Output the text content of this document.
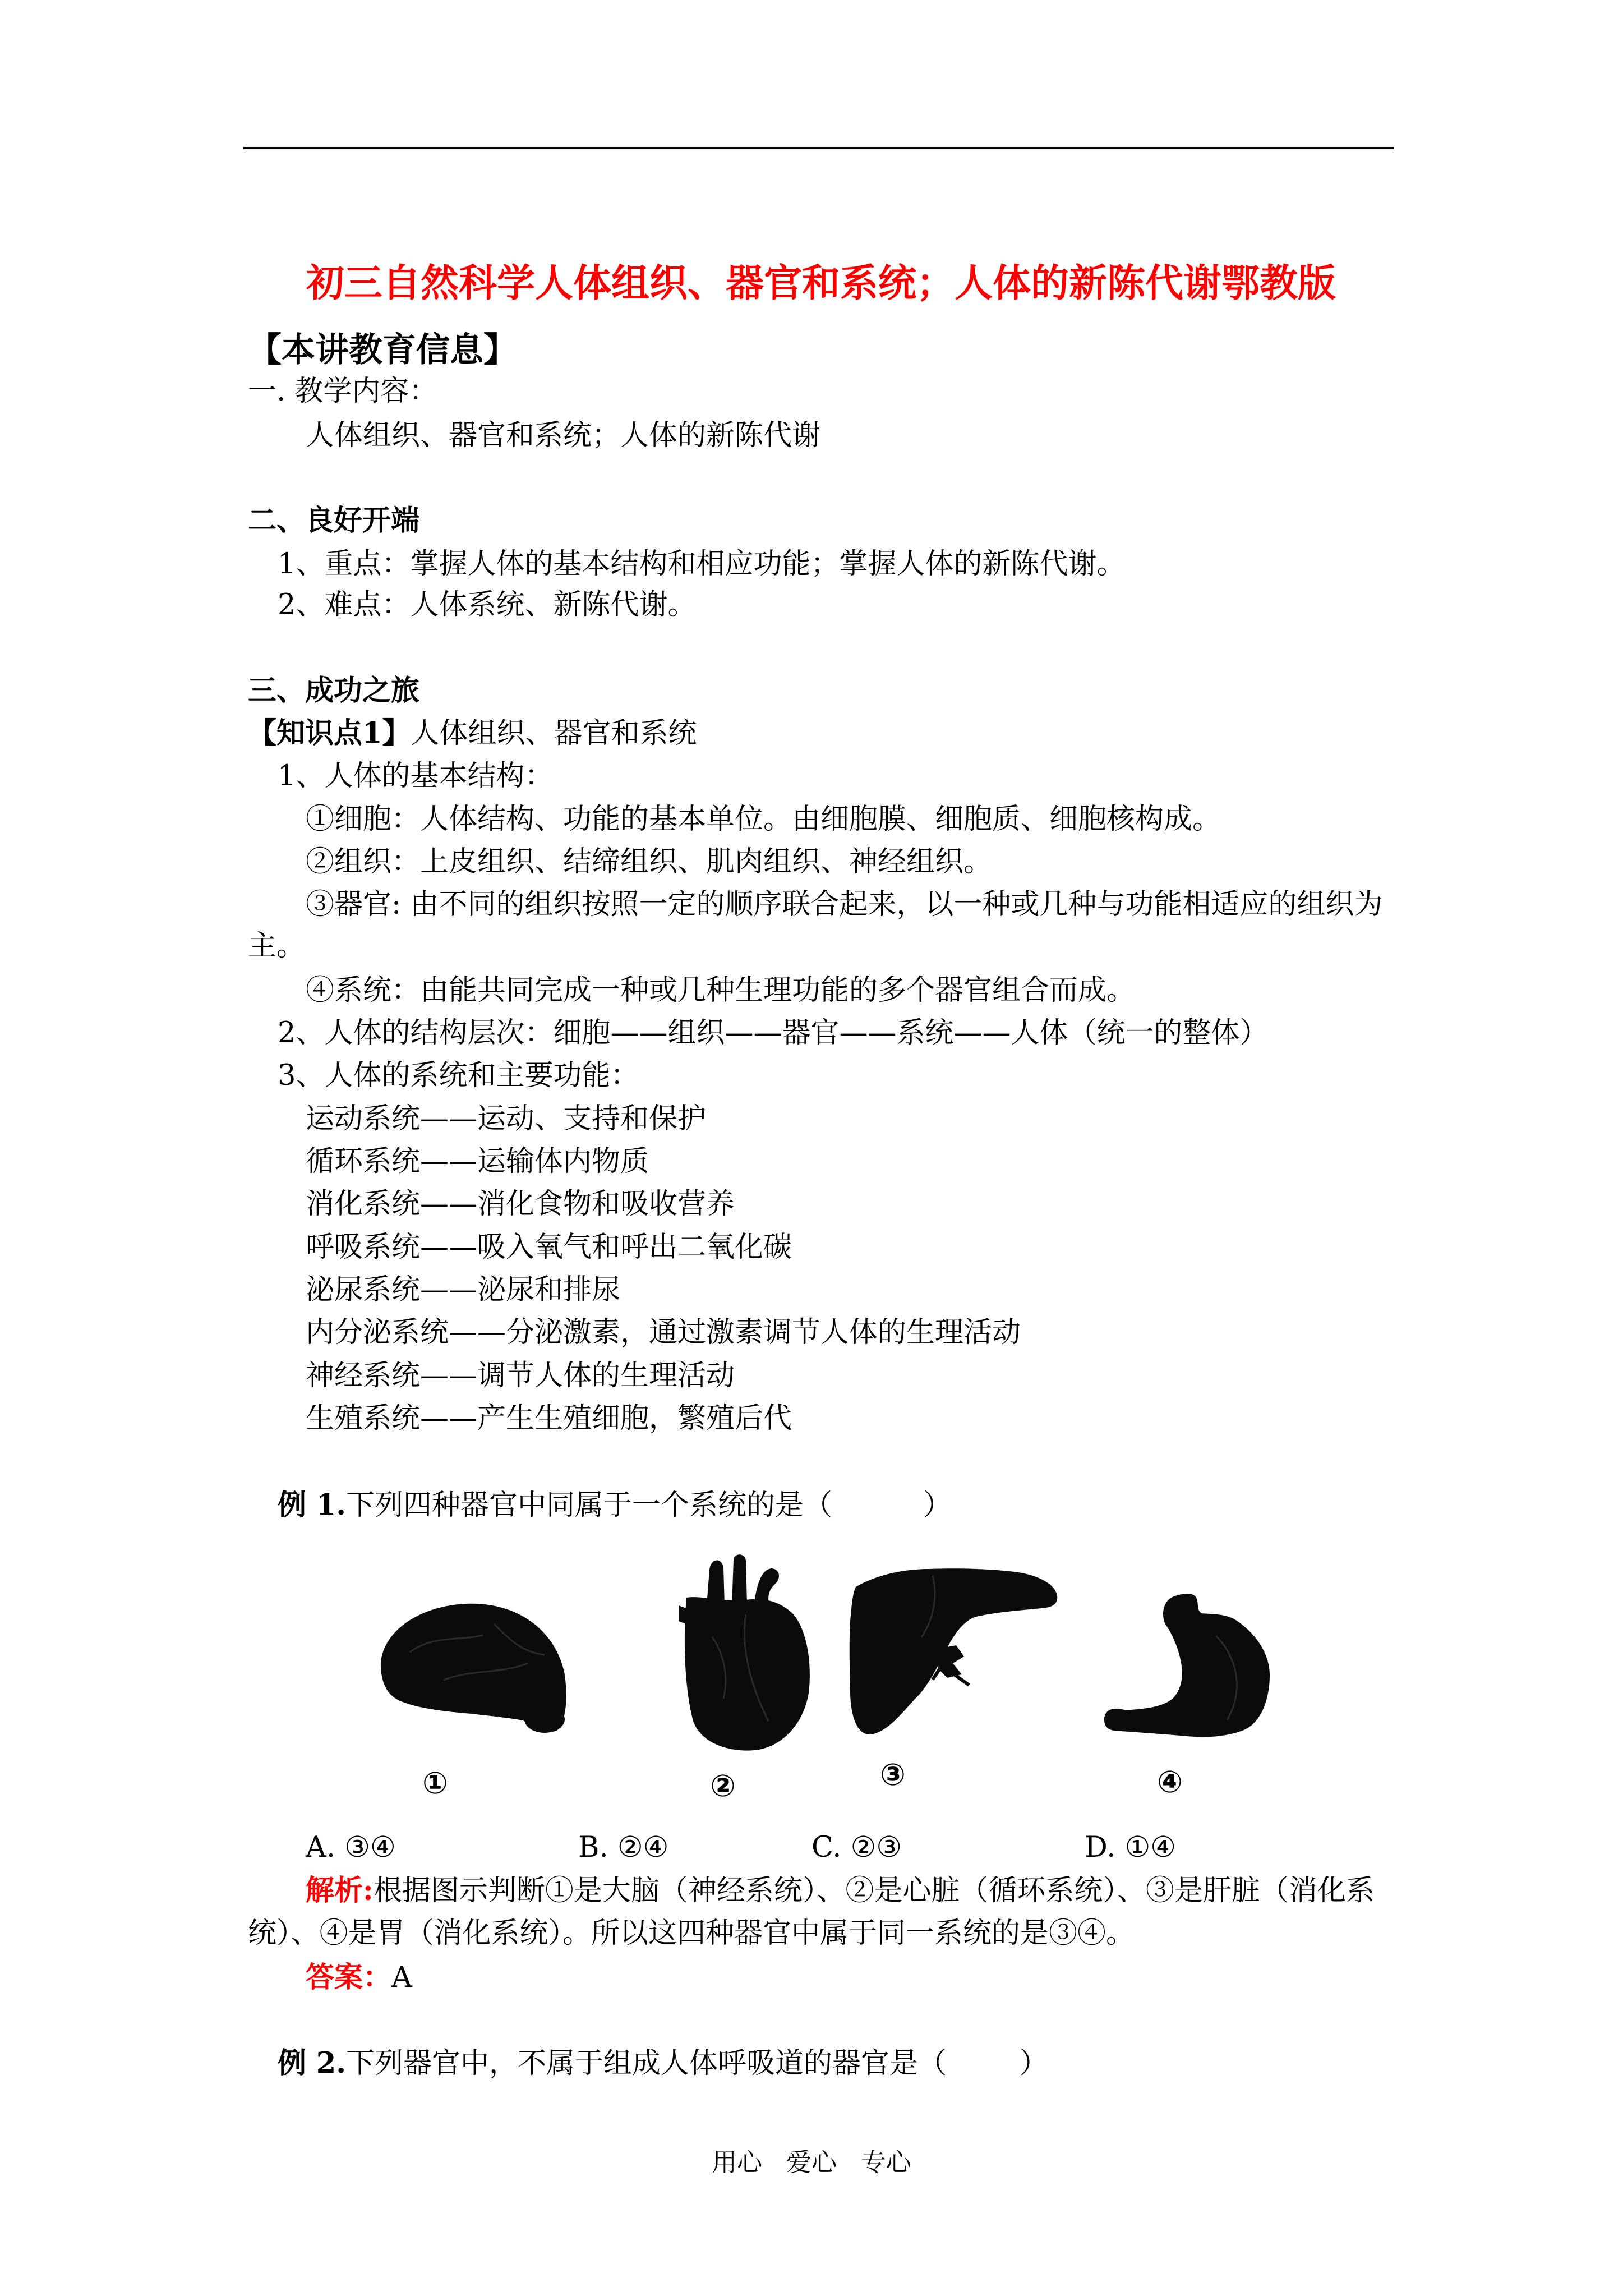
初三自然科学人体组织、器官和系统；人体的新陈代谢鄂教版
【本讲教育信息】
一. 教学内容：
人体组织、器官和系统；人体的新陈代谢
二、良好开端
1、重点：掌握人体的基本结构和相应功能；掌握人体的新陈代谢。
2、难点：人体系统、新陈代谢。
三、成功之旅
【知识点1】人体组织、器官和系统
1、人体的基本结构：
①细胞：人体结构、功能的基本单位。由细胞膜、细胞质、细胞核构成。
②组织：上皮组织、结缔组织、肌肉组织、神经组织。
③器官: 由不同的组织按照一定的顺序联合起来，以一种或几种与功能相适应的组织为
主。
④系统：由能共同完成一种或几种生理功能的多个器官组合而成。
2、人体的结构层次：细胞——组织——器官——系统——人体（统一的整体）
3、人体的系统和主要功能：
运动系统——运动、支持和保护
循环系统——运输体内物质
消化系统——消化食物和吸收营养
呼吸系统——吸入氧气和呼出二氧化碳
泌尿系统——泌尿和排尿
内分泌系统——分泌激素，通过激素调节人体的生理活动
神经系统——调节人体的生理活动
生殖系统——产生生殖细胞，繁殖后代
例 1.下列四种器官中同属于一个系统的是（          ）
①	②	③	④
A. ③④	B. ②④	C. ②③	D. ①④
解析:根据图示判断①是大脑（神经系统）、②是心脏（循环系统）、③是肝脏（消化系
统）、④是胃（消化系统）。所以这四种器官中属于同一系统的是③④。
答案：A
例 2.下列器官中，不属于组成人体呼吸道的器官是（        ）
用心   爱心   专心
